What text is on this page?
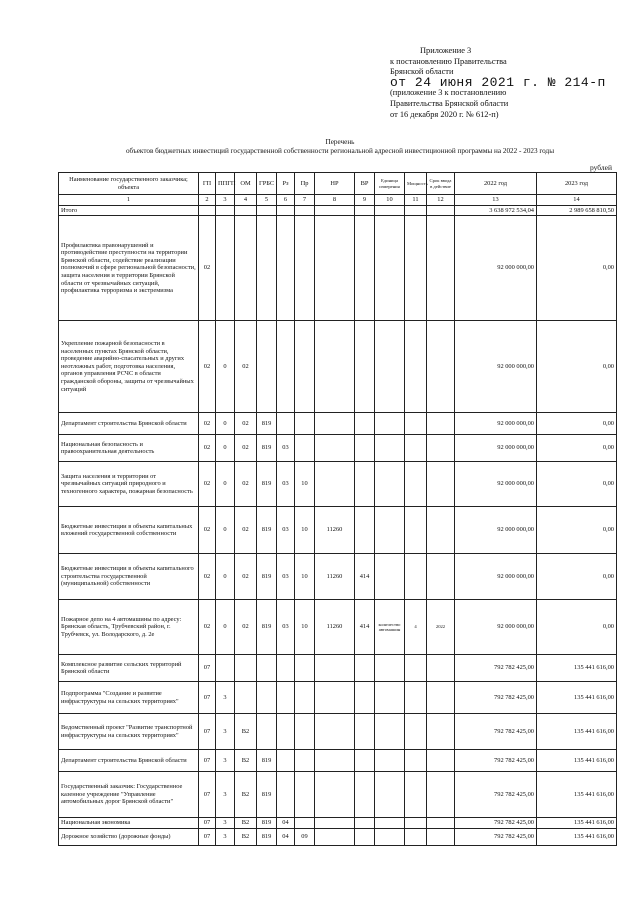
Приложение 3
к постановлению Правительства
Брянской области
от 24 июня 2021 г. № 214-п
(приложение 3 к постановлению
Правительства Брянской области
от 16 декабря 2020 г. № 612-п)
Перечень
объектов бюджетных инвестиций государственной собственности региональной адресной инвестиционной программы на 2022 - 2023 годы
рублей
Наименование государственного заказчика; объекта	ГП	ППГП	ОМ	ГРБС	Рз	Пр	НР	ВР	Единица измерения	Мощность	Срок ввода в действие	2022 год	2023 год
1	2	3	4	5	6	7	8	9	10	11	12	13	14
Итого												3 638 972 534,04	2 989 658 810,50
Профилактика правонарушений и противодействие преступности на территории Брянской области, содействие реализации полномочий в сфере региональной безопасности, защита населения и территории Брянской области от чрезвычайных ситуаций, профилактика терроризма и экстремизма	02											92 000 000,00	0,00
Укрепление пожарной безопасности в населенных пунктах Брянской области, проведение аварийно-спасательных и других неотложных работ, подготовка населения, органов управления РСЧС в области гражданской обороны, защиты от чрезвычайных ситуаций	02	0	02									92 000 000,00	0,00
Департамент строительства Брянской области	02	0	02	819								92 000 000,00	0,00
Национальная безопасность и правоохранительная деятельность	02	0	02	819	03							92 000 000,00	0,00
Защита населения и территории от чрезвычайных ситуаций природного и техногенного характера, пожарная безопасность	02	0	02	819	03	10						92 000 000,00	0,00
Бюджетные инвестиции в объекты капитальных вложений государственной собственности	02	0	02	819	03	10	11260					92 000 000,00	0,00
Бюджетные инвестиции в объекты капитального строительства государственной (муниципальной) собственности	02	0	02	819	03	10	11260	414				92 000 000,00	0,00
Пожарное депо на 4 автомашины по адресу: Брянская область, Трубчевский район, г. Трубчевск, ул. Володарского, д. 2е	02	0	02	819	03	10	11260	414	количество автомашин	4	2022	92 000 000,00	0,00
Комплексное развитие сельских территорий Брянской области	07											792 782 425,00	135 441 616,00
Подпрограмма "Создание и развитие инфраструктуры на сельских территориях"	07	3										792 782 425,00	135 441 616,00
Ведомственный проект "Развитие транспортной инфраструктуры на сельских территориях"	07	3	В2									792 782 425,00	135 441 616,00
Департамент строительства Брянской области	07	3	В2	819								792 782 425,00	135 441 616,00
Государственный заказчик: Государственное казенное учреждение "Управление автомобильных дорог Брянской области"	07	3	В2	819								792 782 425,00	135 441 616,00
Национальная экономика	07	3	В2	819	04							792 782 425,00	135 441 616,00
Дорожное хозяйство (дорожные фонды)	07	3	В2	819	04	09						792 782 425,00	135 441 616,00
